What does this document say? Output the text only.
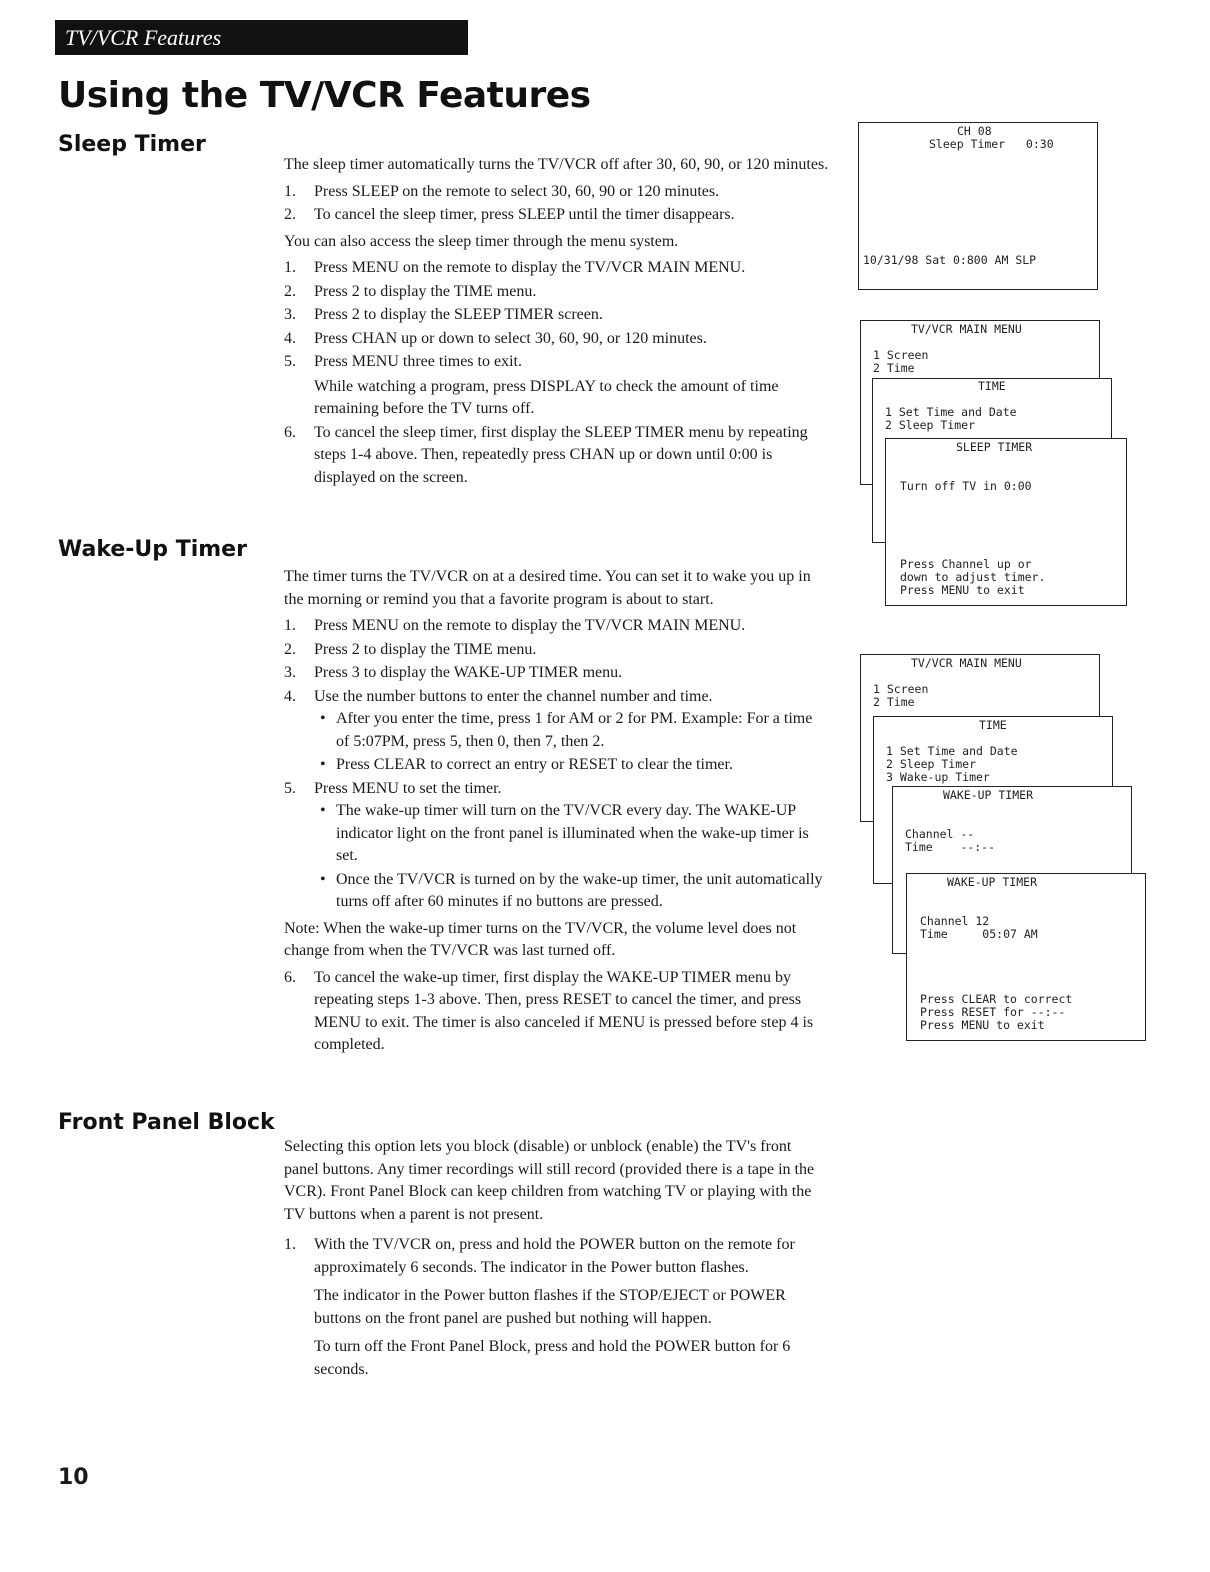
TV/VCR Features
Using the TV/VCR Features
Sleep Timer

The sleep timer automatically turns the TV/VCR off after 30, 60, 90, or 120 minutes.

1. Press SLEEP on the remote to select 30, 60, 90 or 120 minutes.
2. To cancel the sleep timer, press SLEEP until the timer disappears.

You can also access the sleep timer through the menu system.

1. Press MENU on the remote to display the TV/VCR MAIN MENU.
2. Press 2 to display the TIME menu.
3. Press 2 to display the SLEEP TIMER screen.
4. Press CHAN up or down to select 30, 60, 90, or 120 minutes.
5. Press MENU three times to exit.
While watching a program, press DISPLAY to check the amount of time remaining before the TV turns off.
6. To cancel the sleep timer, first display the SLEEP TIMER menu by repeating steps 1-4 above. Then, repeatedly press CHAN up or down until 0:00 is displayed on the screen.
Wake-Up Timer

The timer turns the TV/VCR on at a desired time. You can set it to wake you up in the morning or remind you that a favorite program is about to start.

1. Press MENU on the remote to display the TV/VCR MAIN MENU.
2. Press 2 to display the TIME menu.
3. Press 3 to display the WAKE-UP TIMER menu.
4. Use the number buttons to enter the channel number and time.
• After you enter the time, press 1 for AM or 2 for PM. Example: For a time of 5:07PM, press 5, then 0, then 7, then 2.
• Press CLEAR to correct an entry or RESET to clear the timer.
5. Press MENU to set the timer.
• The wake-up timer will turn on the TV/VCR every day. The WAKE-UP indicator light on the front panel is illuminated when the wake-up timer is set.
• Once the TV/VCR is turned on by the wake-up timer, the unit automatically turns off after 60 minutes if no buttons are pressed.

Note: When the wake-up timer turns on the TV/VCR, the volume level does not change from when the TV/VCR was last turned off.

6. To cancel the wake-up timer, first display the WAKE-UP TIMER menu by repeating steps 1-3 above. Then, press RESET to cancel the timer, and press MENU to exit. The timer is also canceled if MENU is pressed before step 4 is completed.
Front Panel Block

Selecting this option lets you block (disable) or unblock (enable) the TV's front panel buttons. Any timer recordings will still record (provided there is a tape in the VCR). Front Panel Block can keep children from watching TV or playing with the TV buttons when a parent is not present.

1. With the TV/VCR on, press and hold the POWER button on the remote for approximately 6 seconds. The indicator in the Power button flashes.
The indicator in the Power button flashes if the STOP/EJECT or POWER buttons on the front panel are pushed but nothing will happen.
To turn off the Front Panel Block, press and hold the POWER button for 6 seconds.
10

CH 08

Sleep Timer   0:30

10/31/98 Sat 0:800 AM SLP

TV/VCR MAIN MENU

1 Screen

2 Time

TIME

1 Set Time and Date

2 Sleep Timer

SLEEP TIMER

Turn off TV in 0:00

Press Channel up or

down to adjust timer.

Press MENU to exit

TV/VCR MAIN MENU

1 Screen

2 Time

TIME

1 Set Time and Date

2 Sleep Timer

3 Wake-up Timer

WAKE-UP TIMER

Channel --

Time    --:--

WAKE-UP TIMER

Channel 12

Time     05:07 AM

Press CLEAR to correct

Press RESET for --:--

Press MENU to exit
